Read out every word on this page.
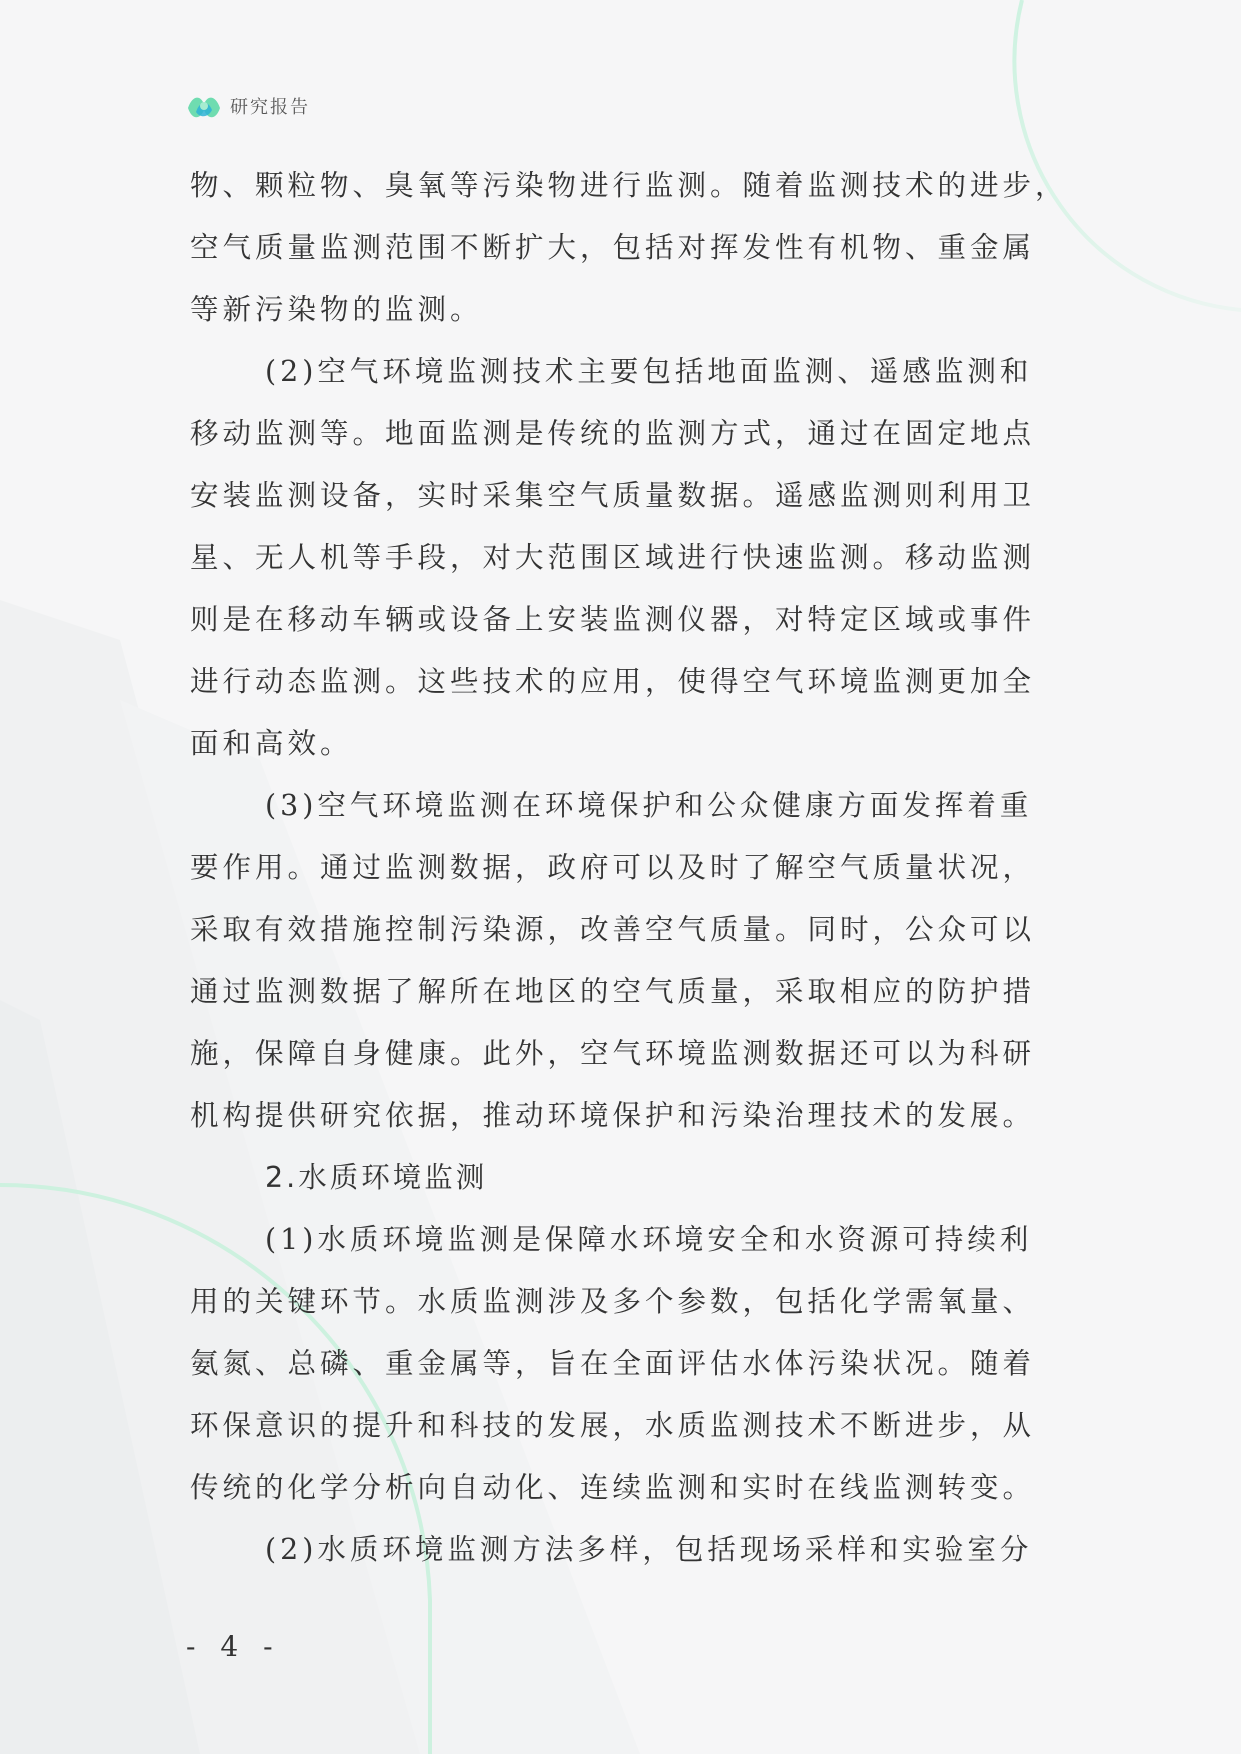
研究报告

物、颗粒物、臭氧等污染物进行监测。随着监测技术的进步，
空气质量监测范围不断扩大，包括对挥发性有机物、重金属
等新污染物的监测。

(2)空气环境监测技术主要包括地面监测、遥感监测和
移动监测等。地面监测是传统的监测方式，通过在固定地点
安装监测设备，实时采集空气质量数据。遥感监测则利用卫
星、无人机等手段，对大范围区域进行快速监测。移动监测
则是在移动车辆或设备上安装监测仪器，对特定区域或事件
进行动态监测。这些技术的应用，使得空气环境监测更加全
面和高效。

(3)空气环境监测在环境保护和公众健康方面发挥着重
要作用。通过监测数据，政府可以及时了解空气质量状况，
采取有效措施控制污染源，改善空气质量。同时，公众可以
通过监测数据了解所在地区的空气质量，采取相应的防护措
施，保障自身健康。此外，空气环境监测数据还可以为科研
机构提供研究依据，推动环境保护和污染治理技术的发展。

2.水质环境监测

(1)水质环境监测是保障水环境安全和水资源可持续利
用的关键环节。水质监测涉及多个参数，包括化学需氧量、
氨氮、总磷、重金属等，旨在全面评估水体污染状况。随着
环保意识的提升和科技的发展，水质监测技术不断进步，从
传统的化学分析向自动化、连续监测和实时在线监测转变。

(2)水质环境监测方法多样，包括现场采样和实验室分

- 4 -
